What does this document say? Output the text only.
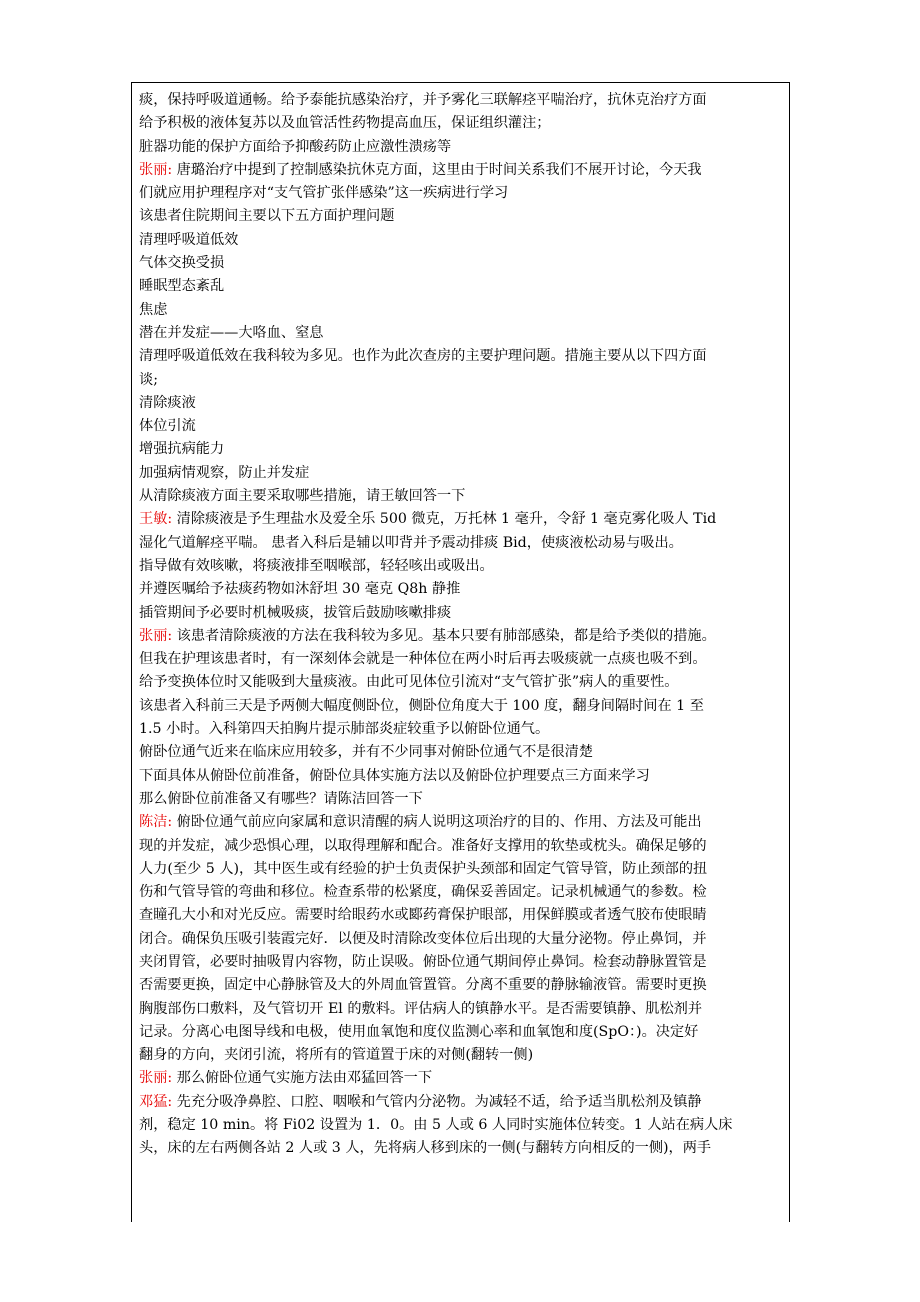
痰，保持呼吸道通畅。给予泰能抗感染治疗，并予雾化三联解痉平喘治疗，抗休克治疗方面
给予积极的液体复苏以及血管活性药物提高血压，保证组织灌注；
脏器功能的保护方面给予抑酸药防止应激性溃疡等
张丽: 唐璐治疗中提到了控制感染抗休克方面，这里由于时间关系我们不展开讨论，今天我
们就应用护理程序对“支气管扩张伴感染”这一疾病进行学习
该患者住院期间主要以下五方面护理问题
清理呼吸道低效
气体交换受损
睡眠型态紊乱
焦虑
潜在并发症——大咯血、窒息
清理呼吸道低效在我科较为多见。也作为此次查房的主要护理问题。措施主要从以下四方面
谈;
清除痰液
体位引流
增强抗病能力
加强病情观察，防止并发症
从清除痰液方面主要采取哪些措施，请王敏回答一下
王敏: 清除痰液是予生理盐水及爱全乐 500 微克，万托林 1 毫升，令舒 1 毫克雾化吸人 Tid
湿化气道解痉平喘。 患者入科后是辅以叩背并予震动排痰 Bid，使痰液松动易与吸出。
指导做有效咳嗽，将痰液排至咽喉部，轻轻咳出或吸出。
并遵医嘱给予祛痰药物如沐舒坦 30 毫克 Q8h 静推
插管期间予必要时机械吸痰，拔管后鼓励咳嗽排痰
张丽: 该患者清除痰液的方法在我科较为多见。基本只要有肺部感染，都是给予类似的措施。
但我在护理该患者时，有一深刻体会就是一种体位在两小时后再去吸痰就一点痰也吸不到。
给予变换体位时又能吸到大量痰液。由此可见体位引流对“支气管扩张”病人的重要性。
该患者入科前三天是予两侧大幅度侧卧位，侧卧位角度大于 100 度，翻身间隔时间在 1 至
1.5 小时。入科第四天拍胸片提示肺部炎症较重予以俯卧位通气。
俯卧位通气近来在临床应用较多，并有不少同事对俯卧位通气不是很清楚
下面具体从俯卧位前准备，俯卧位具体实施方法以及俯卧位护理要点三方面来学习
那么俯卧位前准备又有哪些？请陈洁回答一下
陈洁: 俯卧位通气前应向家属和意识清醒的病人说明这项治疗的目的、作用、方法及可能出
现的并发症，减少恐惧心理，以取得理解和配合。准备好支撑用的软垫或枕头。确保足够的
人力(至少 5 人)，其中医生或有经验的护士负责保护头颈部和固定气管导管，防止颈部的扭
伤和气管导管的弯曲和移位。检查系带的松紧度，确保妥善固定。记录机械通气的参数。检
查瞳孔大小和对光反应。需要时给眼药水或郾药膏保护眼部，用保鲜膜或者透气胶布使眼睛
闭合。确保负压吸引装霞完好．以便及时清除改变体位后出现的大量分泌物。停止鼻饲，并
夹闭胃管，必要时抽吸胃内容物，防止误吸。俯卧位通气期间停止鼻饲。检套动静脉置管是
否需要更换，固定中心静脉管及大的外周血管置管。分离不重要的静脉输液管。需要时更换
胸腹部伤口敷料，及气管切开 El 的敷料。评估病人的镇静水平。是否需要镇静、肌松剂并
记录。分离心电图导线和电极，使用血氧饱和度仪监测心率和血氧饱和度(SpO：)。决定好
翻身的方向，夹闭引流，将所有的管道置于床的对侧(翻转一侧)
张丽: 那么俯卧位通气实施方法由邓猛回答一下
邓猛: 先充分吸净鼻腔、口腔、咽喉和气管内分泌物。为减轻不适，给予适当肌松剂及镇静
剂，稳定 10 min。将 Fi02 设置为 1．0。由 5 人或 6 人同时实施体位转变。1 人站在病人床
头，床的左右两侧各站 2 人或 3 人，先将病人移到床的一侧(与翻转方向相反的一侧)，两手
